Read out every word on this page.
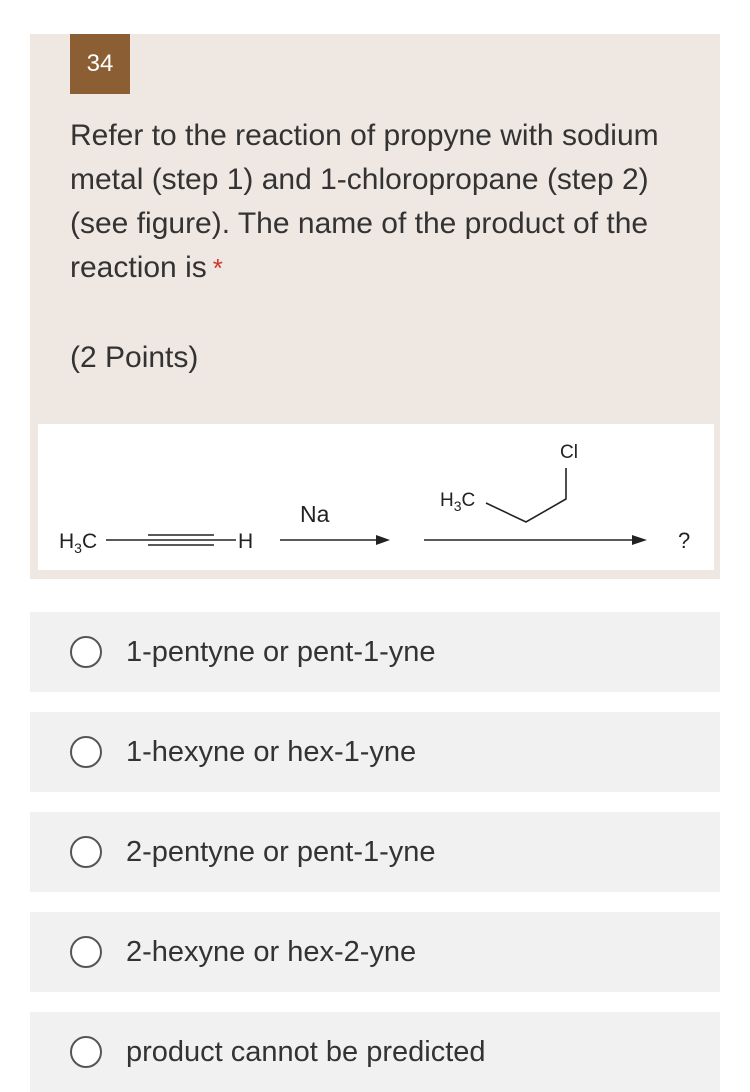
34
Refer to the reaction of propyne with sodium metal (step 1) and 1-chloropropane (step 2) (see figure). The name of the product of the reaction is *
(2 Points)
$H_3C$	H
Na
$H_3C$
Cl
?
1-pentyne or pent-1-yne
1-hexyne or hex-1-yne
2-pentyne or pent-1-yne
2-hexyne or hex-2-yne
product cannot be predicted
